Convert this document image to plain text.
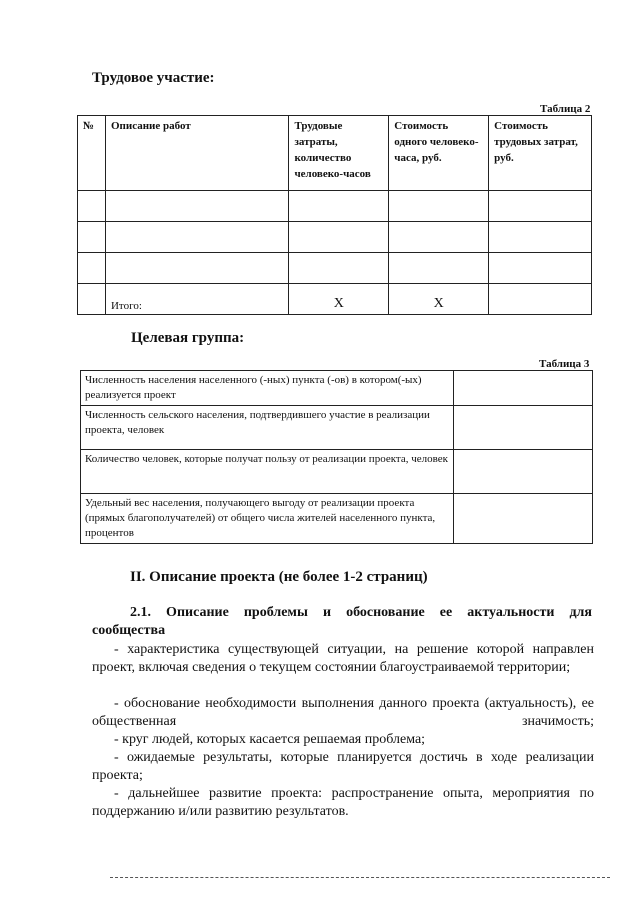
Трудовое участие:
Таблица 2
№	Описание работ	Трудовые затраты, количество человеко-часов	Стоимость одного человеко-часа, руб.	Стоимость трудовых затрат, руб.

	Итого:	X	X	
Целевая группа:
Таблица 3
Численность населения населенного (-ных) пункта (-ов) в котором(-ых) реализуется проект	
Численность сельского населения, подтвердившего участие в реализации проекта, человек	
Количество человек, которые получат пользу от реализации проекта, человек	
Удельный вес населения, получающего выгоду от реализации проекта (прямых благополучателей) от общего числа жителей населенного пункта, процентов	
II. Описание проекта (не более 1-2 страниц)
2.1. Описание проблемы и обоснование ее актуальности для
сообщества
- характеристика существующей ситуации, на решение которой направлен проект, включая сведения о текущем состоянии благоустраиваемой территории;
- обоснование необходимости выполнения данного проекта (актуальность), ее общественная значимость;
- круг людей, которых касается решаемая проблема;
- ожидаемые результаты, которые планируется достичь в ходе реализации проекта;
- дальнейшее развитие проекта: распространение опыта, мероприятия по поддержанию и/или развитию результатов.
